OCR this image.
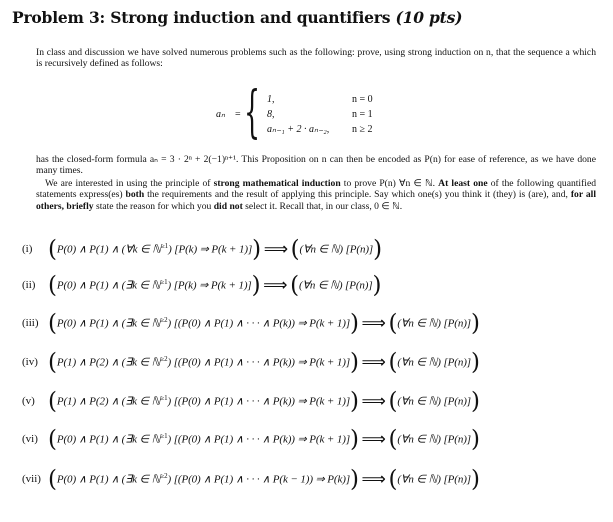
Problem 3: Strong induction and quantifiers (10 pts)
In class and discussion we have solved numerous problems such as the following: prove, using strong induction on n, that the sequence a which is recursively defined as follows:
aₙ = { 1,	n = 0
8,	n = 1
aₙ₋₁ + 2 · aₙ₋₂, n ≥ 2
has the closed-form formula aₙ = 3 · 2ⁿ + 2(−1)ⁿ⁺¹. This Proposition on n can then be encoded as P(n) for ease of reference, as we have done many times.
We are interested in using the principle of strong mathematical induction to prove P(n) ∀n ∈ ℕ. At least one of the following quantified statements express(es) both the requirements and the result of applying this principle. Say which one(s) you think it (they) is (are), and, for all others, briefly state the reason for which you did not select it. Recall that, in our class, 0 ∈ ℕ.
(i) (P(0) ∧ P(1) ∧ (∀k ∈ ℕ$^{\ge 1}$) [P(k) ⇒ P(k + 1)]) ⟹ ((∀n ∈ ℕ) [P(n)])
(ii) (P(0) ∧ P(1) ∧ (∃k ∈ ℕ$^{\ge 1}$) [P(k) ⇒ P(k + 1)]) ⟹ ((∀n ∈ ℕ) [P(n)])
(iii) (P(0) ∧ P(1) ∧ (∃k ∈ ℕ$^{\ge 2}$) [(P(0) ∧ P(1) ∧ · · · ∧ P(k)) ⇒ P(k + 1)]) ⟹ ((∀n ∈ ℕ) [P(n)])
(iv) (P(1) ∧ P(2) ∧ (∃k ∈ ℕ$^{\ge 2}$) [(P(0) ∧ P(1) ∧ · · · ∧ P(k)) ⇒ P(k + 1)]) ⟹ ((∀n ∈ ℕ) [P(n)])
(v) (P(1) ∧ P(2) ∧ (∃k ∈ ℕ$^{\ge 1}$) [(P(0) ∧ P(1) ∧ · · · ∧ P(k)) ⇒ P(k + 1)]) ⟹ ((∀n ∈ ℕ) [P(n)])
(vi) (P(0) ∧ P(1) ∧ (∃k ∈ ℕ$^{\ge 1}$) [(P(0) ∧ P(1) ∧ · · · ∧ P(k)) ⇒ P(k + 1)]) ⟹ ((∀n ∈ ℕ) [P(n)])
(vii) (P(0) ∧ P(1) ∧ (∃k ∈ ℕ$^{\ge 2}$) [(P(0) ∧ P(1) ∧ · · · ∧ P(k − 1)) ⇒ P(k)]) ⟹ ((∀n ∈ ℕ) [P(n)])
